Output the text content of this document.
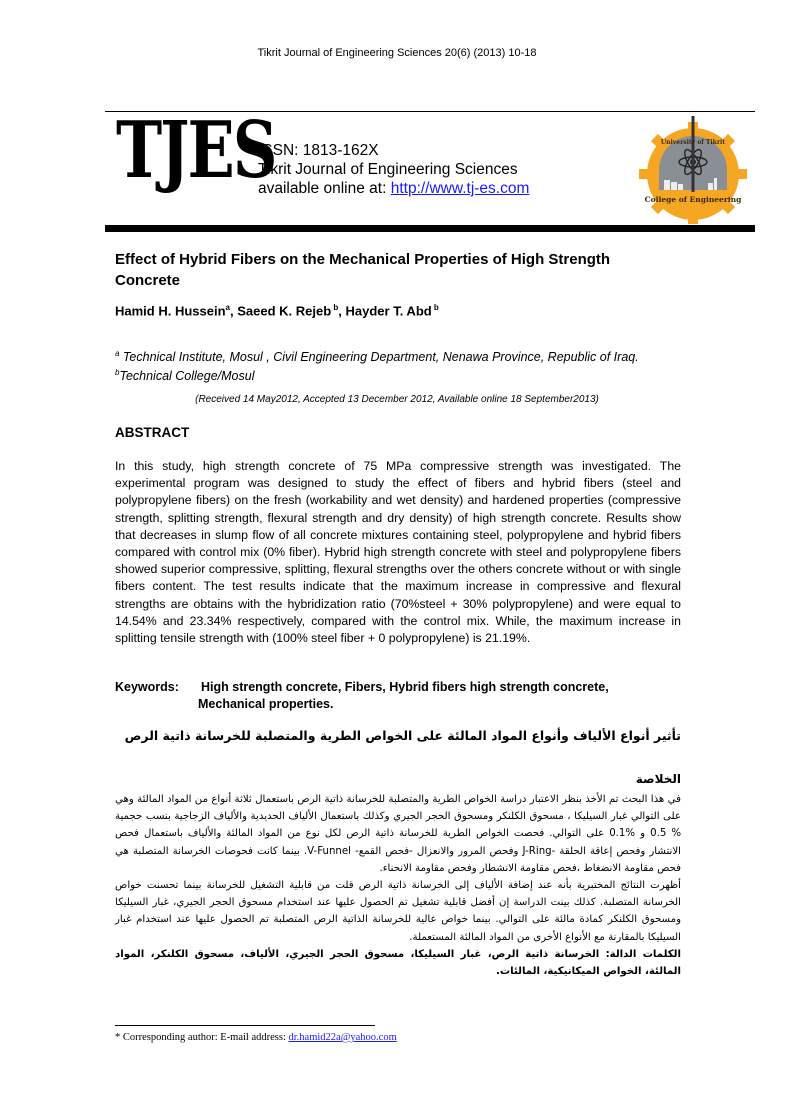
Tikrit Journal of Engineering Sciences 20(6) (2013) 10-18
TJES
ISSN: 1813-162X
Tikrit Journal of Engineering Sciences
available online at: http://www.tj-es.com
College of Engineering
University of Tikrit
Effect of Hybrid Fibers on the Mechanical Properties of High Strength Concrete
Hamid H. Hussein$^a$, Saeed K. Rejeb $^b$, Hayder T. Abd $^b$
$^a$ Technical Institute, Mosul , Civil Engineering Department, Nenawa Province, Republic of Iraq.
$^b$Technical College/Mosul
(Received 14 May2012, Accepted 13 December 2012, Available online 18 September2013)
ABSTRACT
In this study, high strength concrete of 75 MPa compressive strength was investigated. The experimental program was designed to study the effect of fibers and hybrid fibers (steel and polypropylene fibers) on the fresh (workability and wet density) and hardened properties (compressive strength, splitting strength, flexural strength and dry density) of high strength concrete. Results show that decreases in slump flow of all concrete mixtures containing steel, polypropylene and hybrid fibers compared with control mix (0% fiber). Hybrid high strength concrete with steel and polypropylene fibers showed superior compressive, splitting, flexural strengths over the others concrete without or with single fibers content. The test results indicate that the maximum increase in compressive and flexural strengths are obtains with the hybridization ratio (70%steel + 30% polypropylene) and were equal to 14.54% and 23.34% respectively, compared with the control mix. While, the maximum increase in splitting tensile strength with (100% steel fiber + 0 polypropylene) is 21.19%.
Keywords: High strength concrete, Fibers, Hybrid fibers high strength concrete,
Mechanical properties.
تأثير أنواع الألياف وأنواع المواد المالئة على الخواص الطرية والمتصلبة للخرسانة ذاتية الرص
الخلاصة

في هذا البحث تم الأخذ بنظر الاعتبار دراسة الخواص الطرية والمتصلبة للخرسانة ذاتية الرص باستعمال ثلاثة أنواع من المواد المالئة وهي على التوالي غبار السيليكا ، مسحوق الكلنكر ومسحوق الحجر الجيري وكذلك باستعمال الألياف الحديدية والألياف الزجاجية بنسب حجمية % 0.5 و %0.1 على التوالي. فحصت الخواص الطرية للخرسانة ذاتية الرص لكل نوع من المواد المالئة والألياف باستعمال فحص الانتشار وفحص إعاقة الحلقة -J-Ring وفحص المرور والانعزال -فحص القمع- V-Funnel. بينما كانت فحوصات الخرسانة المتصلبة هي فحص مقاومة الانضغاط ،فحص مقاومة الانشطار وفحص مقاومة الانحناء.

أظهرت النتائج المختبرية بأنه عند إضافة الألياف إلى الخرسانة ذاتية الرص قلت من قابلية التشغيل للخرسانة بينما تحسنت خواص الخرسانة المتصلبة. كذلك بينت الدراسة إن أفضل قابلية تشغيل تم الحصول عليها عند استخدام مسحوق الحجر الجيري، غبار السيليكا ومسحوق الكلنكر كمادة مالئة على التوالي. بينما خواص عالية للخرسانة الذاتية الرص المتصلبة تم الحصول عليها عند استخدام غبار السيليكا بالمقارنة مع الأنواع الأخرى من المواد المالئة المستعملة.

الكلمات الدالة: الخرسانة ذاتية الرص، غبار السيليكا، مسحوق الحجر الجيري، الألياف، مسحوق الكلنكر، المواد المالئة، الخواص الميكانيكية، المالئات.

* Corresponding author: E-mail address: dr.hamid22a@yahoo.com
